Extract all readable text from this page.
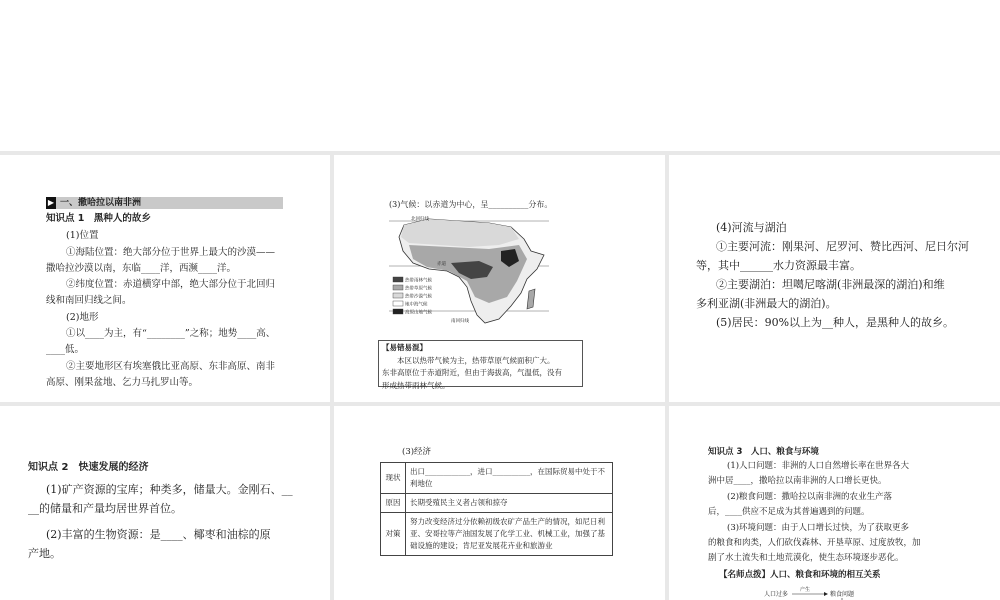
▶ 一、撒哈拉以南非洲
知识点 1　黑种人的故乡
(1)位置
①海陆位置：绝大部分位于世界上最大的沙漠——
撒哈拉沙漠以南，东临____洋，西濒____洋。
②纬度位置：赤道横穿中部，绝大部分位于北回归
线和南回归线之间。
(2)地形
①以____为主，有“________”之称；地势____高、
____低。
②主要地形区有埃塞俄比亚高原、东非高原、南非
高原、刚果盆地、乞力马扎罗山等。
(3)气候：以赤道为中心，呈__________分布。
热带雨林气候
热带草原气候
热带沙漠气候
地中海气候
高原山地气候
北回归线
赤道
南回归线
【易错易混】
本区以热带气候为主，热带草原气候面积广大。
东非高原位于赤道附近，但由于海拔高，气温低，没有
形成热带雨林气候。
(4)河流与湖泊
①主要河流：刚果河、尼罗河、赞比西河、尼日尔河
等，其中______水力资源最丰富。
②主要湖泊：坦噶尼喀湖(非洲最深的湖泊)和维
多利亚湖(非洲最大的湖泊)。
(5)居民：90%以上为__种人，是黑种人的故乡。
知识点 2　快速发展的经济
(1)矿产资源的宝库；种类多，储量大。金刚石、__
__的储量和产量均居世界首位。
(2)丰富的生物资源：是____、椰枣和油棕的原
产地。
(3)经济
现状	出口____________，进口__________，在国际贸易中处于不利地位
原因	长期受殖民主义者占领和掠夺
对策	努力改变经济过分依赖初级农矿产品生产的情况，如尼日利亚、安哥拉等产油国发展了化学工业、机械工业，加强了基础设施的建设；肯尼亚发展花卉业和旅游业
知识点 3　人口、粮食与环境
(1)人口问题：非洲的人口自然增长率在世界各大
洲中居____，撒哈拉以南非洲的人口增长更快。
(2)粮食问题：撒哈拉以南非洲的农业生产落
后，____供应不足成为其普遍遇到的问题。
(3)环境问题：由于人口增长过快，为了获取更多
的粮食和肉类，人们砍伐森林、开垦草原、过度放牧，加
剧了水土流失和土地荒漠化，使生态环境逐步恶化。
【名师点拨】人口、粮食和环境的相互关系
人口过多
产生
粮食问题
